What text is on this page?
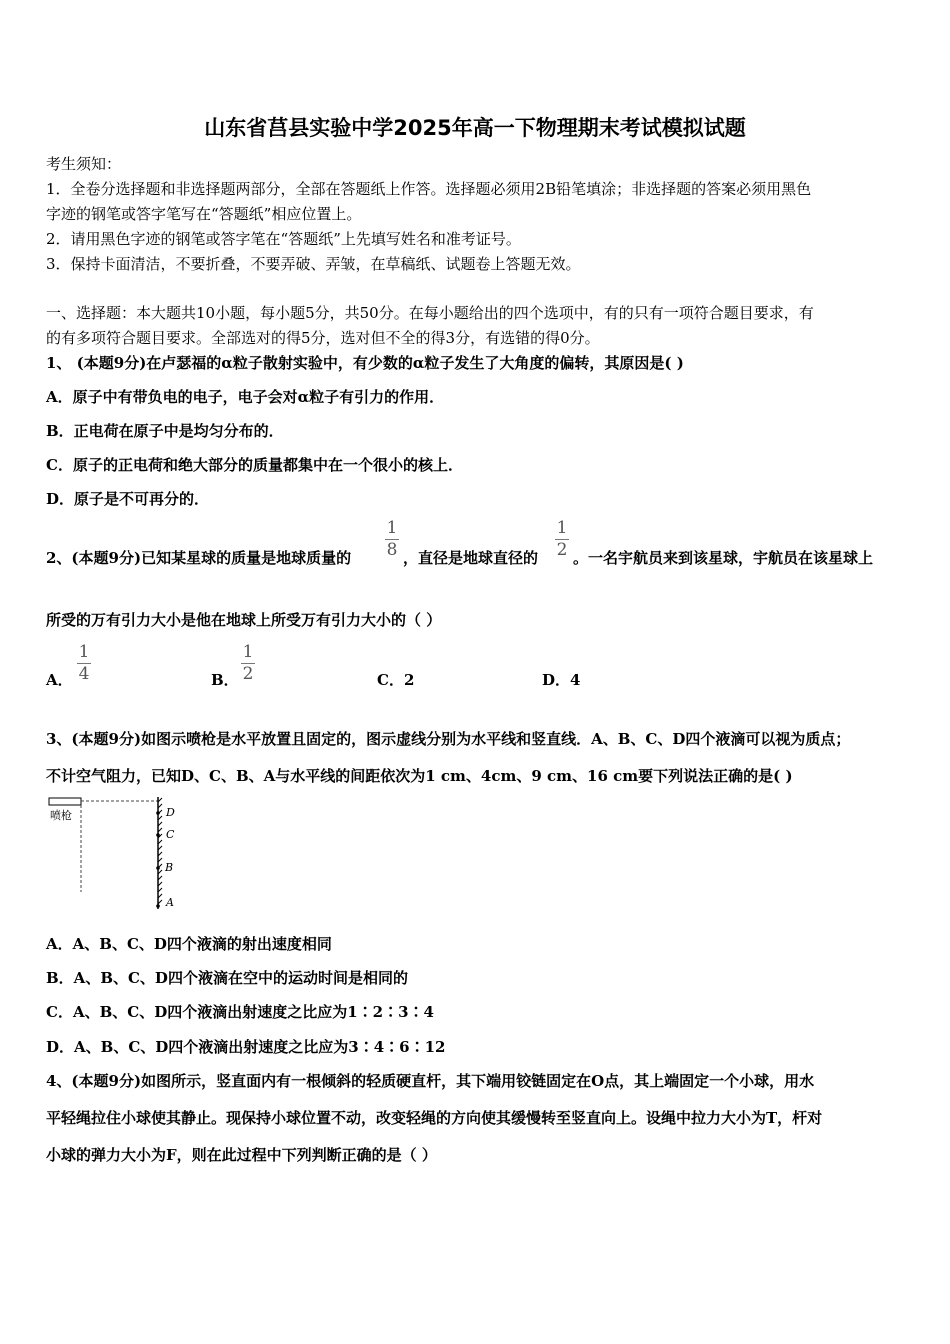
山东省莒县实验中学2025年高一下物理期末考试模拟试题
考生须知：
1．全卷分选择题和非选择题两部分，全部在答题纸上作答。选择题必须用2B铅笔填涂；非选择题的答案必须用黑色
字迹的钢笔或答字笔写在“答题纸”相应位置上。
2．请用黑色字迹的钢笔或答字笔在“答题纸”上先填写姓名和准考证号。
3．保持卡面清洁，不要折叠，不要弄破、弄皱，在草稿纸、试题卷上答题无效。
一、选择题：本大题共10小题，每小题5分，共50分。在每小题给出的四个选项中，有的只有一项符合题目要求，有
的有多项符合题目要求。全部选对的得5分，选对但不全的得3分，有选错的得0分。
1、 (本题9分)在卢瑟福的α粒子散射实验中，有少数的α粒子发生了大角度的偏转，其原因是( )
A．原子中有带负电的电子，电子会对α粒子有引力的作用．
B．正电荷在原子中是均匀分布的．
C．原子的正电荷和绝大部分的质量都集中在一个很小的核上．
D．原子是不可再分的．
2、(本题9分)已知某星球的质量是地球质量的
1
8 ，直径是地球直径的
1
2 。一名宇航员来到该星球，宇航员在该星球上
所受的万有引力大小是他在地球上所受万有引力大小的（ ）
A．
1
4	B．
1
2	C．2	D．4
3、(本题9分)如图示喷枪是水平放置且固定的，图示虚线分别为水平线和竖直线．A、B、C、D四个液滴可以视为质点；
不计空气阻力，已知D、C、B、A与水平线的间距依次为1 cm、4cm、9 cm、16 cm要下列说法正确的是( )
喷枪	D
C
B
A
A．A、B、C、D四个液滴的射出速度相同
B．A、B、C、D四个液滴在空中的运动时间是相同的
C．A、B、C、D四个液滴出射速度之比应为1∶2∶3∶4
D．A、B、C、D四个液滴出射速度之比应为3∶4∶6∶12
4、(本题9分)如图所示，竖直面内有一根倾斜的轻质硬直杆，其下端用铰链固定在O点，其上端固定一个小球，用水
平轻绳拉住小球使其静止。现保持小球位置不动，改变轻绳的方向使其缓慢转至竖直向上。设绳中拉力大小为T，杆对
小球的弹力大小为F，则在此过程中下列判断正确的是（ ）
